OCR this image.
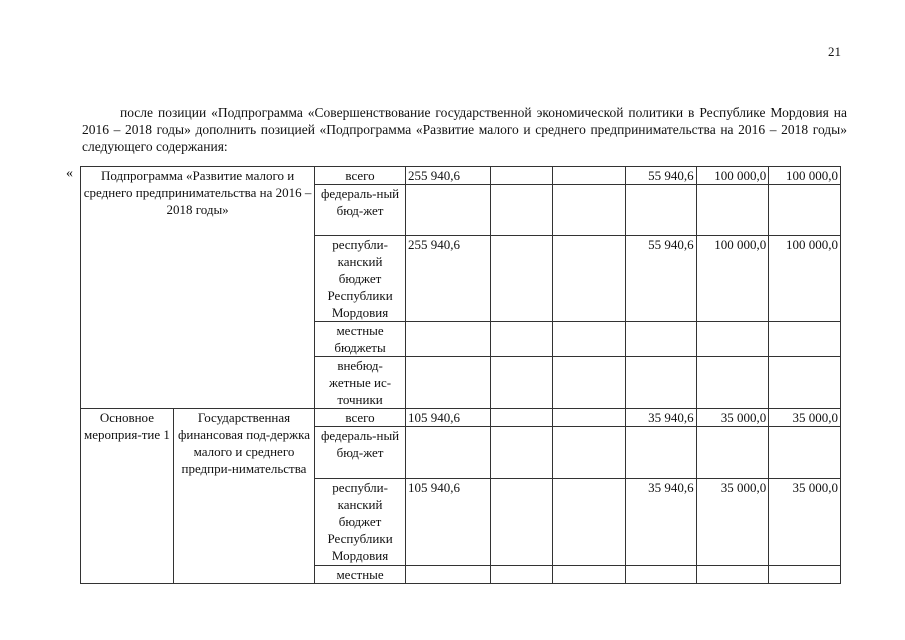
21
после позиции «Подпрограмма «Совершенствование государственной экономической политики в Республике Мордовия на 2016 – 2018 годы» дополнить позицией «Подпрограмма «Развитие малого и среднего предпринимательства на 2016 – 2018 годы» следующего содержания:
« Подпрограмма «Развитие малого и среднего предпринимательства на 2016 – 2018 годы»		всего	255 940,6			55 940,6	100 000,0	100 000,0
		федераль-ный бюд-жет						
		республи-канский бюджет Республики Мордовия	255 940,6			55 940,6	100 000,0	100 000,0
		местные бюджеты						
		внебюд-жетные ис-точники						
Основное мероприя-тие 1	Государственная финансовая под-держка малого и среднего предпри-нимательства	всего	105 940,6			35 940,6	35 000,0	35 000,0
		федераль-ный бюд-жет						
		республи-канский бюджет Республики Мордовия	105 940,6			35 940,6	35 000,0	35 000,0
		местные						
